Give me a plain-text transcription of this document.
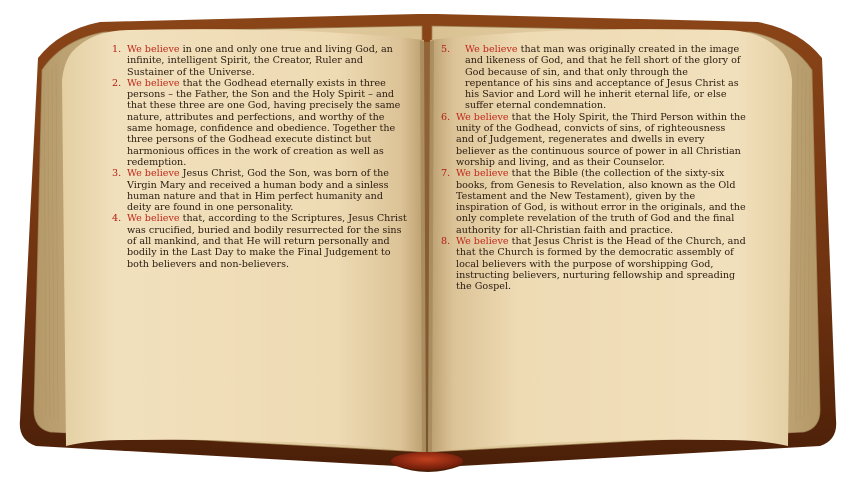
1. We believe in one and only one true and living God, an infinite, intelligent Spirit, the Creator, Ruler and Sustainer of the Universe.
2. We believe that the Godhead eternally exists in three persons – the Father, the Son and the Holy Spirit – and that these three are one God, having precisely the same nature, attributes and perfections, and worthy of the same homage, confidence and obedience. Together the three persons of the Godhead execute distinct but harmonious offices in the work of creation as well as redemption.
3. We believe Jesus Christ, God the Son, was born of the Virgin Mary and received a human body and a sinless human nature and that in Him perfect humanity and deity are found in one personality.
4. We believe that, according to the Scriptures, Jesus Christ was crucified, buried and bodily resurrected for the sins of all mankind, and that He will return personally and bodily in the Last Day to make the Final Judgement to both believers and non-believers.
5. We believe that man was originally created in the image and likeness of God, and that he fell short of the glory of God because of sin, and that only through the repentance of his sins and acceptance of Jesus Christ as his Savior and Lord will he inherit eternal life, or else suffer eternal condemnation.
6. We believe that the Holy Spirit, the Third Person within the unity of the Godhead, convicts of sins, of righteousness and of Judgement, regenerates and dwells in every believer as the continuous source of power in all Christian worship and living, and as their Counselor.
7. We believe that the Bible (the collection of the sixty-six books, from Genesis to Revelation, also known as the Old Testament and the New Testament), given by the inspiration of God, is without error in the originals, and the only complete revelation of the truth of God and the final authority for all-Christian faith and practice.
8. We believe that Jesus Christ is the Head of the Church, and that the Church is formed by the democratic assembly of local believers with the purpose of worshipping God, instructing believers, nurturing fellowship and spreading the Gospel.
